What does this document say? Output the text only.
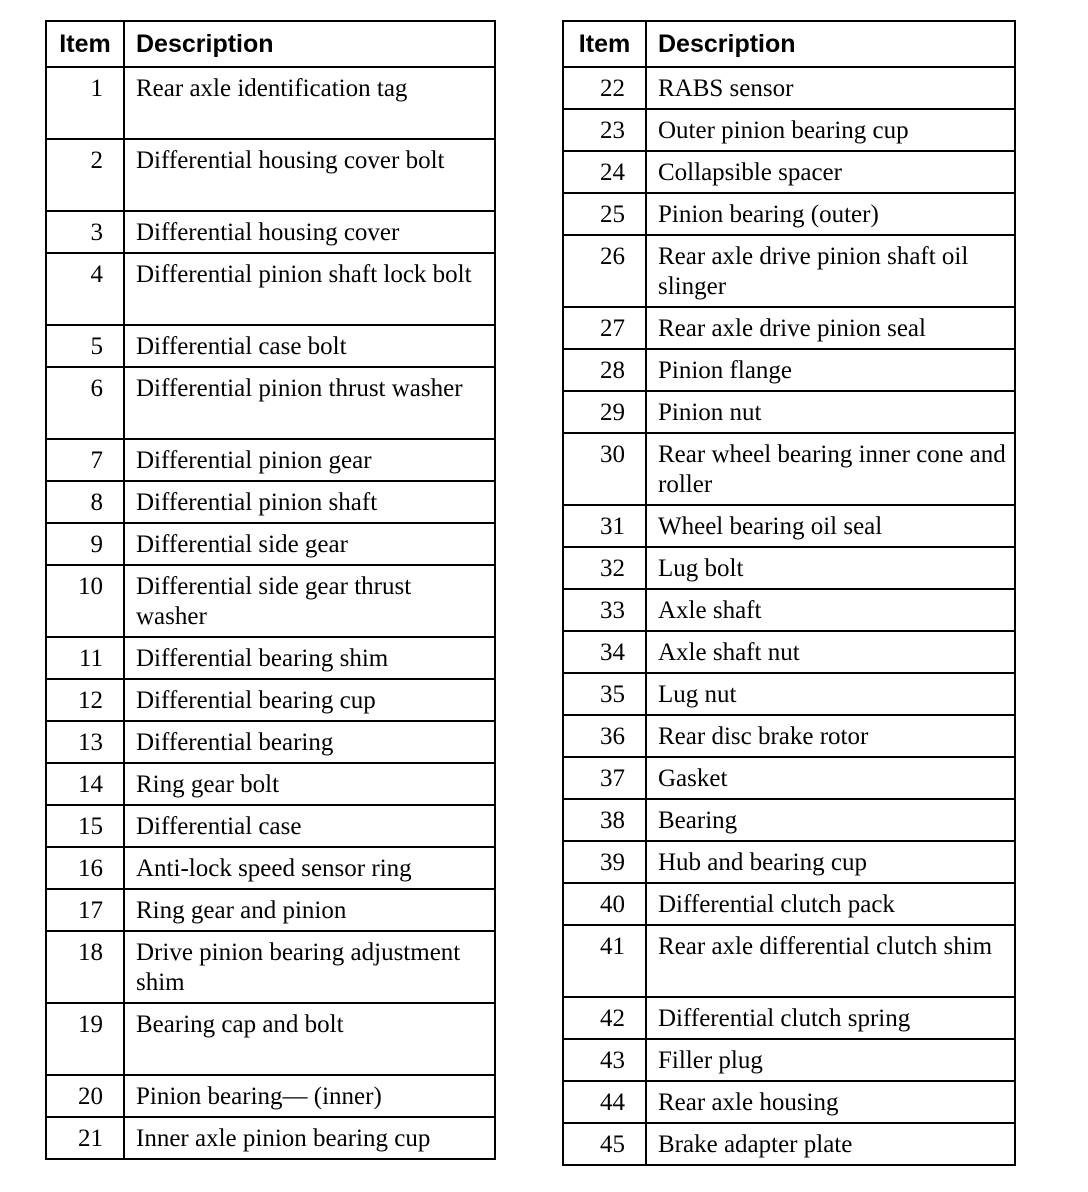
Item	Description
1	Rear axle identification tag
2	Differential housing cover bolt
3	Differential housing cover
4	Differential pinion shaft lock bolt
5	Differential case bolt
6	Differential pinion thrust washer
7	Differential pinion gear
8	Differential pinion shaft
9	Differential side gear
10	Differential side gear thrust washer
11	Differential bearing shim
12	Differential bearing cup
13	Differential bearing
14	Ring gear bolt
15	Differential case
16	Anti-lock speed sensor ring
17	Ring gear and pinion
18	Drive pinion bearing adjustment shim
19	Bearing cap and bolt
20	Pinion bearing— (inner)
21	Inner axle pinion bearing cup
Item	Description
22	RABS sensor
23	Outer pinion bearing cup
24	Collapsible spacer
25	Pinion bearing (outer)
26	Rear axle drive pinion shaft oil slinger
27	Rear axle drive pinion seal
28	Pinion flange
29	Pinion nut
30	Rear wheel bearing inner cone and roller
31	Wheel bearing oil seal
32	Lug bolt
33	Axle shaft
34	Axle shaft nut
35	Lug nut
36	Rear disc brake rotor
37	Gasket
38	Bearing
39	Hub and bearing cup
40	Differential clutch pack
41	Rear axle differential clutch shim
42	Differential clutch spring
43	Filler plug
44	Rear axle housing
45	Brake adapter plate
